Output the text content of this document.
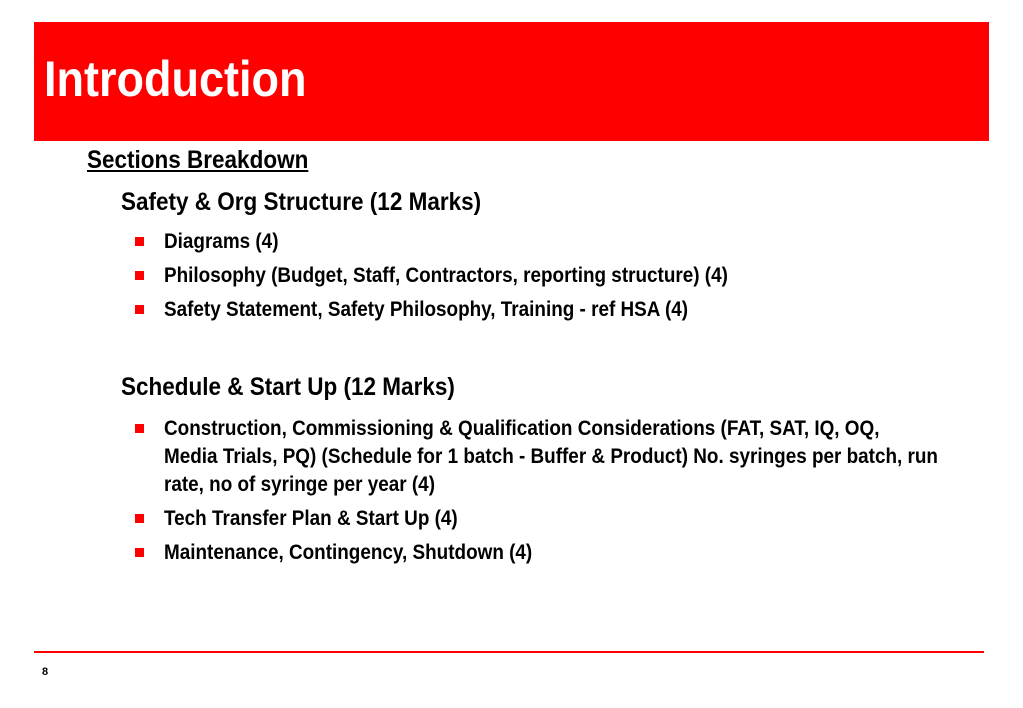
Introduction
Sections Breakdown
Safety & Org Structure (12 Marks)
Diagrams (4)
Philosophy (Budget, Staff, Contractors, reporting structure) (4)
Safety Statement, Safety Philosophy, Training - ref HSA (4)
Schedule & Start Up (12 Marks)
Construction, Commissioning & Qualification Considerations (FAT, SAT, IQ, OQ, Media Trials, PQ) (Schedule for 1 batch - Buffer & Product) No. syringes per batch, run rate, no of syringe per year (4)
Tech Transfer Plan & Start Up (4)
Maintenance, Contingency, Shutdown (4)
8
